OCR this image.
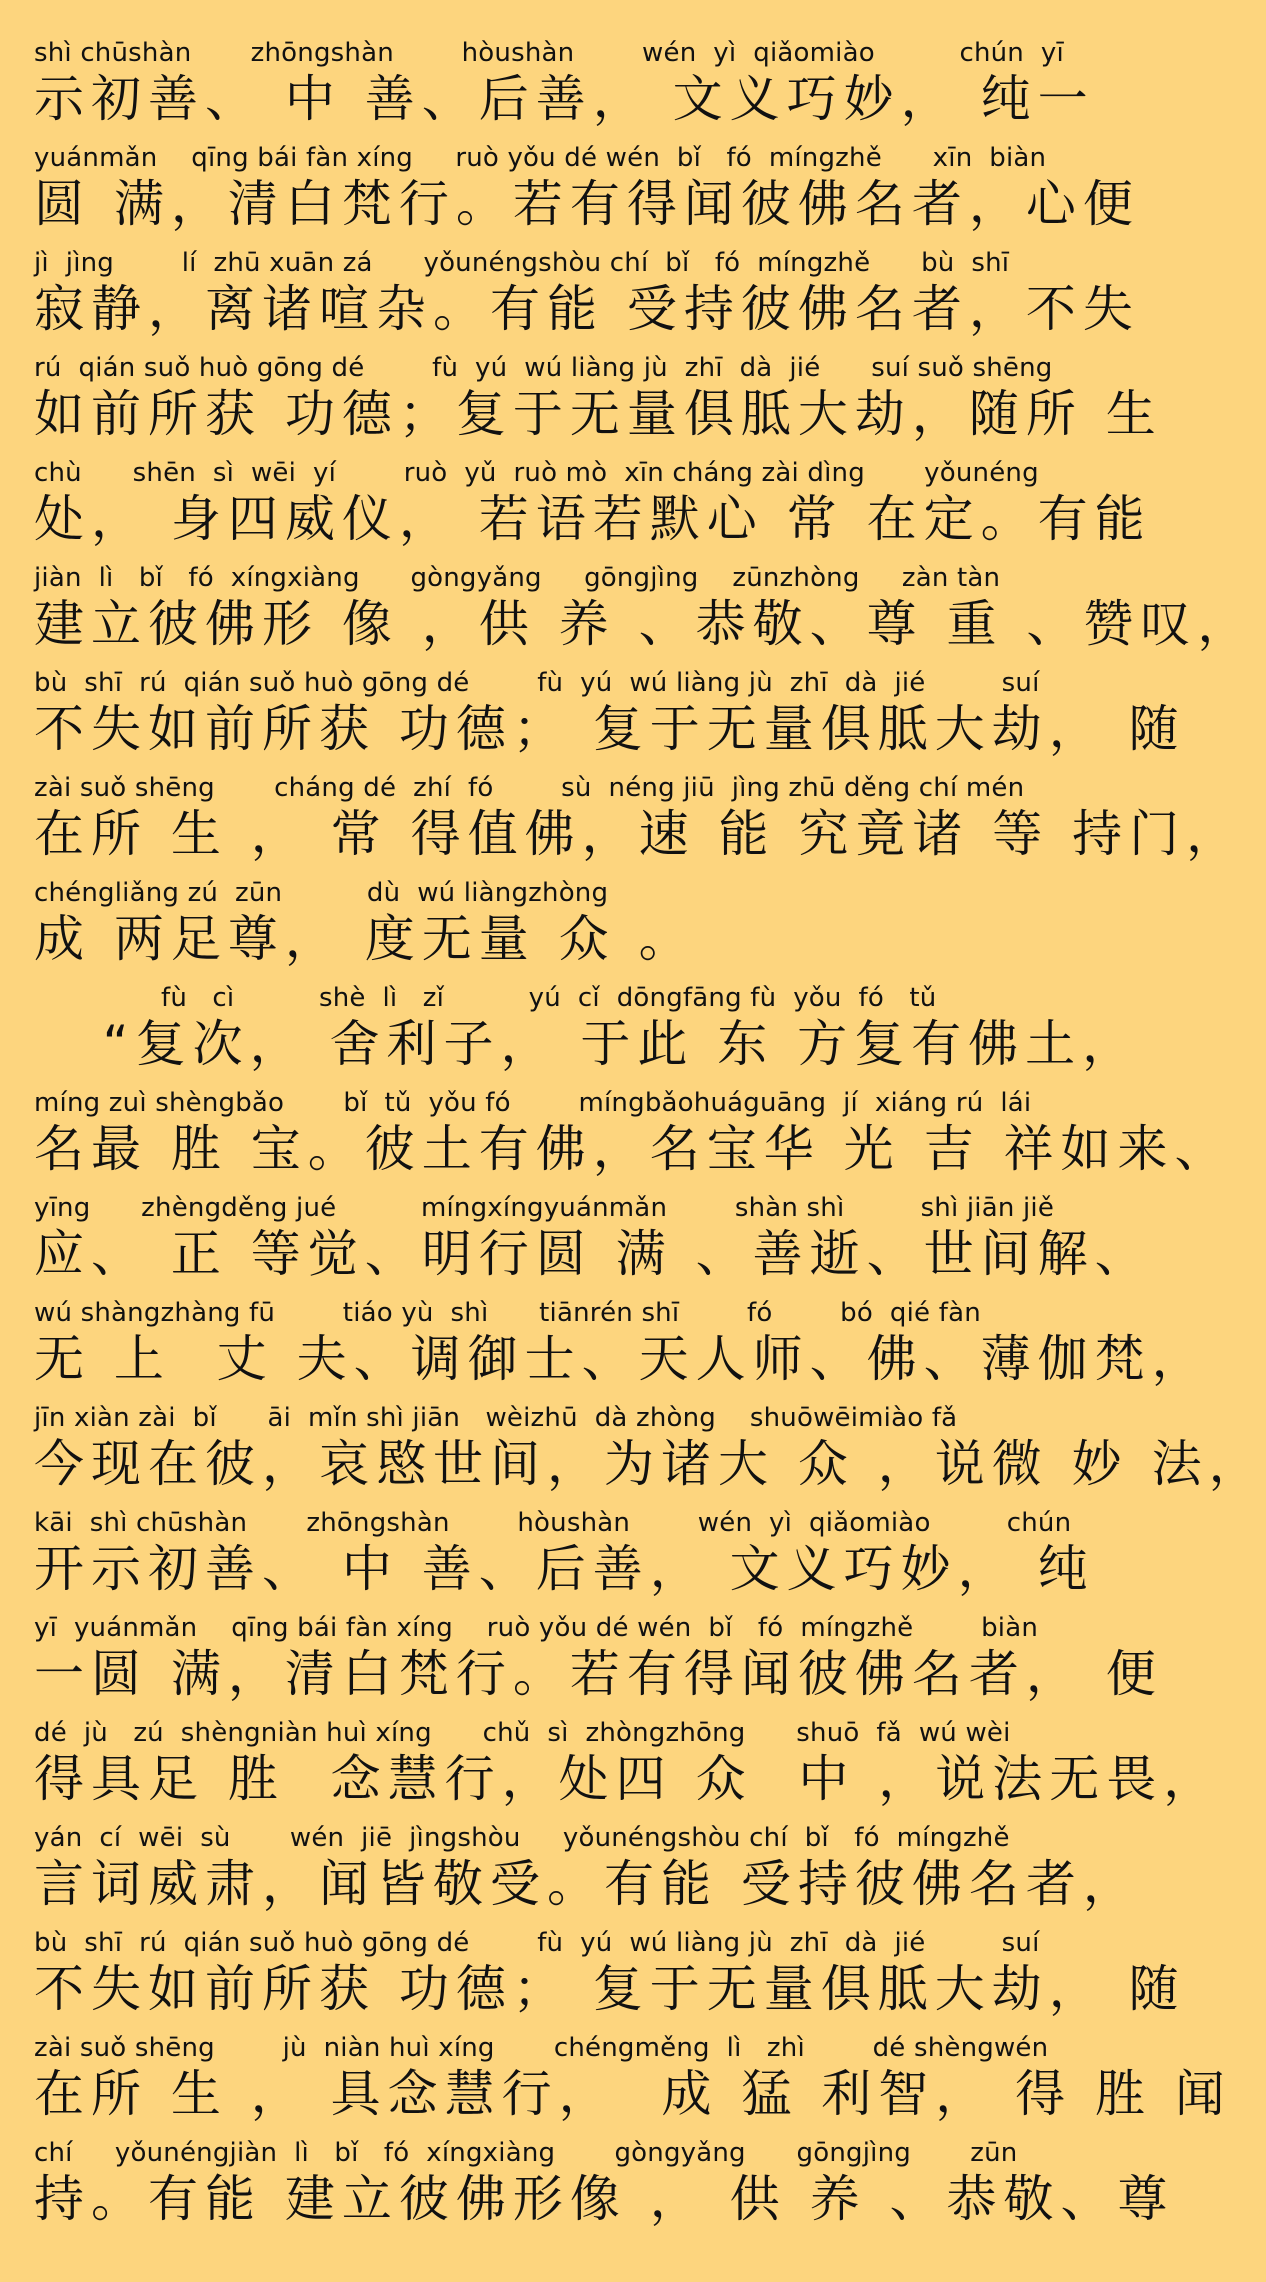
shì chūshàn       zhōngshàn        hòushàn        wén  yì  qiǎomiào          chún  yī
示初善、 中 善、后善， 文义巧妙， 纯一
yuánmǎn    qīng bái fàn xíng     ruò yǒu dé wén  bǐ   fó  míngzhě      xīn  biàn
圆 满，清白梵行。若有得闻彼佛名者，心便
jì  jìng        lí  zhū xuān zá      yǒunéngshòu chí  bǐ   fó  míngzhě      bù  shī
寂静，离诸喧杂。有能 受持彼佛名者，不失
rú  qián suǒ huò gōng dé        fù  yú  wú liàng jù  zhī  dà  jié      suí suǒ shēng
如前所获 功德；复于无量俱胝大劫，随所 生
chù      shēn  sì  wēi  yí        ruò  yǔ  ruò mò  xīn cháng zài dìng       yǒunéng
处， 身四威仪， 若语若默心 常 在定。有能
jiàn  lì   bǐ   fó  xíngxiàng      gòngyǎng     gōngjìng    zūnzhòng     zàn tàn
建立彼佛形 像 ，供 养 、恭敬、尊 重 、赞叹，
bù  shī  rú  qián suǒ huò gōng dé        fù  yú  wú liàng jù  zhī  dà  jié         suí
不失如前所获 功德； 复于无量俱胝大劫， 随
zài suǒ shēng       cháng dé  zhí  fó        sù  néng jiū  jìng zhū děng chí mén
在所 生 ， 常 得值佛，速 能 究竟诸 等 持门，
chéngliǎng zú  zūn          dù  wú liàngzhòng
成 两足尊， 度无量 众 。
fù   cì          shè  lì   zǐ          yú  cǐ  dōngfāng fù  yǒu  fó   tǔ
“复次， 舍利子， 于此 东 方复有佛土，
míng zuì shèngbǎo       bǐ  tǔ  yǒu fó        míngbǎohuáguāng  jí  xiáng rú  lái
名最 胜 宝。彼土有佛，名宝华 光 吉 祥如来、
yīng      zhèngděng jué          míngxíngyuánmǎn        shàn shì         shì jiān jiě
应、 正 等觉、明行圆 满 、善逝、世间解、
wú shàngzhàng fū        tiáo yù  shì      tiānrén shī        fó        bó  qié fàn
无 上  丈 夫、调御士、天人师、佛、薄伽梵，
jīn xiàn zài  bǐ      āi  mǐn shì jiān   wèizhū  dà zhòng    shuōwēimiào fǎ
今现在彼，哀愍世间，为诸大 众 ，说微 妙 法，
kāi  shì chūshàn       zhōngshàn        hòushàn        wén  yì  qiǎomiào         chún
开示初善、 中 善、后善， 文义巧妙， 纯
yī  yuánmǎn    qīng bái fàn xíng    ruò yǒu dé wén  bǐ   fó  míngzhě        biàn
一圆 满，清白梵行。若有得闻彼佛名者， 便
dé  jù   zú  shèngniàn huì xíng      chǔ  sì  zhòngzhōng      shuō  fǎ  wú wèi
得具足 胜  念慧行，处四 众  中 ，说法无畏，
yán  cí  wēi  sù       wén  jiē  jìngshòu     yǒunéngshòu chí  bǐ   fó  míngzhě
言词威肃，闻皆敬受。有能 受持彼佛名者，
bù  shī  rú  qián suǒ huò gōng dé        fù  yú  wú liàng jù  zhī  dà  jié         suí
不失如前所获 功德； 复于无量俱胝大劫， 随
zài suǒ shēng        jù  niàn huì xíng       chéngměng  lì   zhì        dé shèngwén
在所 生 ， 具念慧行，  成 猛 利智， 得 胜 闻
chí     yǒunéngjiàn  lì   bǐ   fó  xíngxiàng       gòngyǎng      gōngjìng       zūn
持。有能 建立彼佛形像 ， 供 养 、恭敬、尊
